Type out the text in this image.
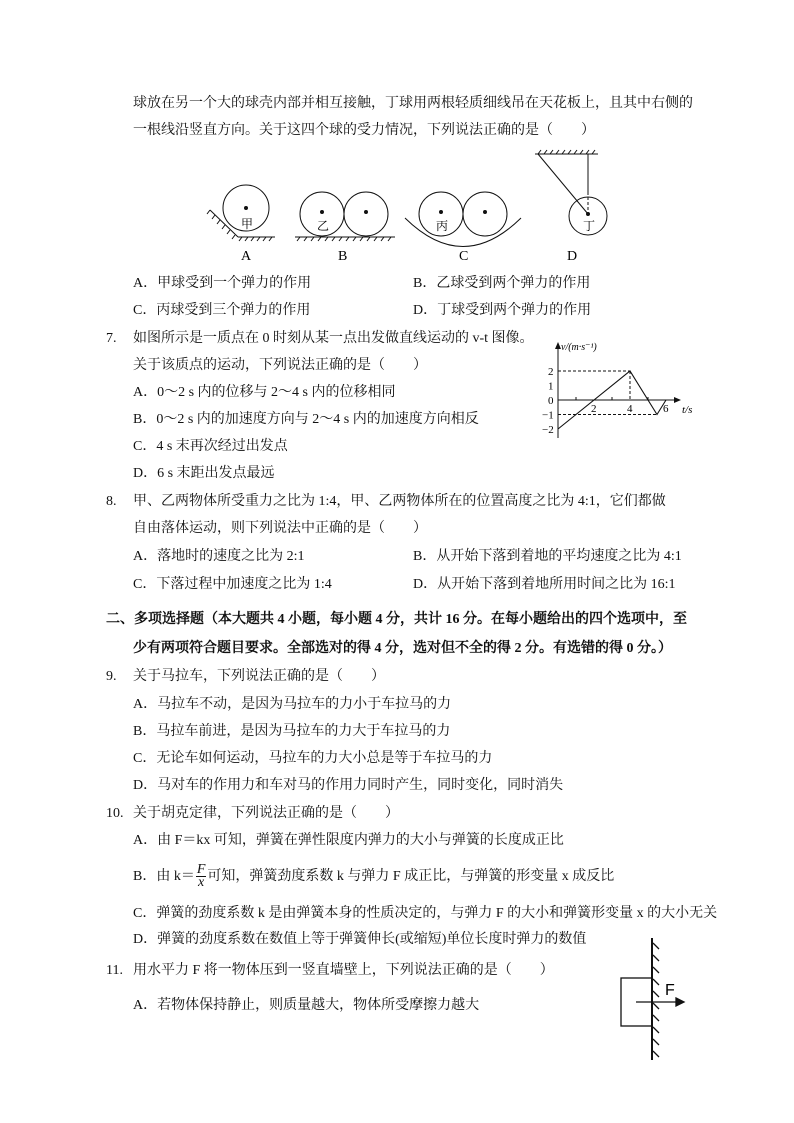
球放在另一个大的球壳内部并相互接触，丁球用两根轻质细线吊在天花板上，且其中右侧的
一根线沿竖直方向。关于这四个球的受力情况，下列说法正确的是（　　）
甲
A
乙
B
丙
C
丁
D
A．甲球受到一个弹力的作用	B．乙球受到两个弹力的作用
C．丙球受到三个弹力的作用	D．丁球受到两个弹力的作用
7. 如图所示是一质点在 0 时刻从某一点出发做直线运动的 v-t 图像。
关于该质点的运动，下列说法正确的是（　　）
A．0～2 s 内的位移与 2～4 s 内的位移相同
B．0～2 s 内的加速度方向与 2～4 s 内的加速度方向相反
C．4 s 末再次经过出发点
D．6 s 末距出发点最远
v/(m·s⁻¹)
t/s
2	4	6
2
1
0
−1
−2
8. 甲、乙两物体所受重力之比为 1:4，甲、乙两物体所在的位置高度之比为 4:1，它们都做
自由落体运动，则下列说法中正确的是（　　）
A．落地时的速度之比为 2:1	B．从开始下落到着地的平均速度之比为 4:1
C．下落过程中加速度之比为 1:4	D．从开始下落到着地所用时间之比为 16:1
二、多项选择题（本大题共 4 小题，每小题 4 分，共计 16 分。在每小题给出的四个选项中，至
少有两项符合题目要求。全部选对的得 4 分，选对但不全的得 2 分。有选错的得 0 分。）
9. 关于马拉车，下列说法正确的是（　　）
A．马拉车不动，是因为马拉车的力小于车拉马的力
B．马拉车前进，是因为马拉车的力大于车拉马的力
C．无论车如何运动，马拉车的力大小总是等于车拉马的力
D．马对车的作用力和车对马的作用力同时产生，同时变化，同时消失
10. 关于胡克定律，下列说法正确的是（　　）
A．由 F＝kx 可知，弹簧在弹性限度内弹力的大小与弹簧的长度成正比
B．由 $k= \frac{F}{x}$ 可知，弹簧劲度系数 k 与弹力 F 成正比，与弹簧的形变量 x 成反比
C．弹簧的劲度系数 k 是由弹簧本身的性质决定的，与弹力 F 的大小和弹簧形变量 x 的大小无关
D．弹簧的劲度系数在数值上等于弹簧伸长(或缩短)单位长度时弹力的数值
11. 用水平力 F 将一物体压到一竖直墙壁上，下列说法正确的是（　　）
A．若物体保持静止，则质量越大，物体所受摩擦力越大
F
